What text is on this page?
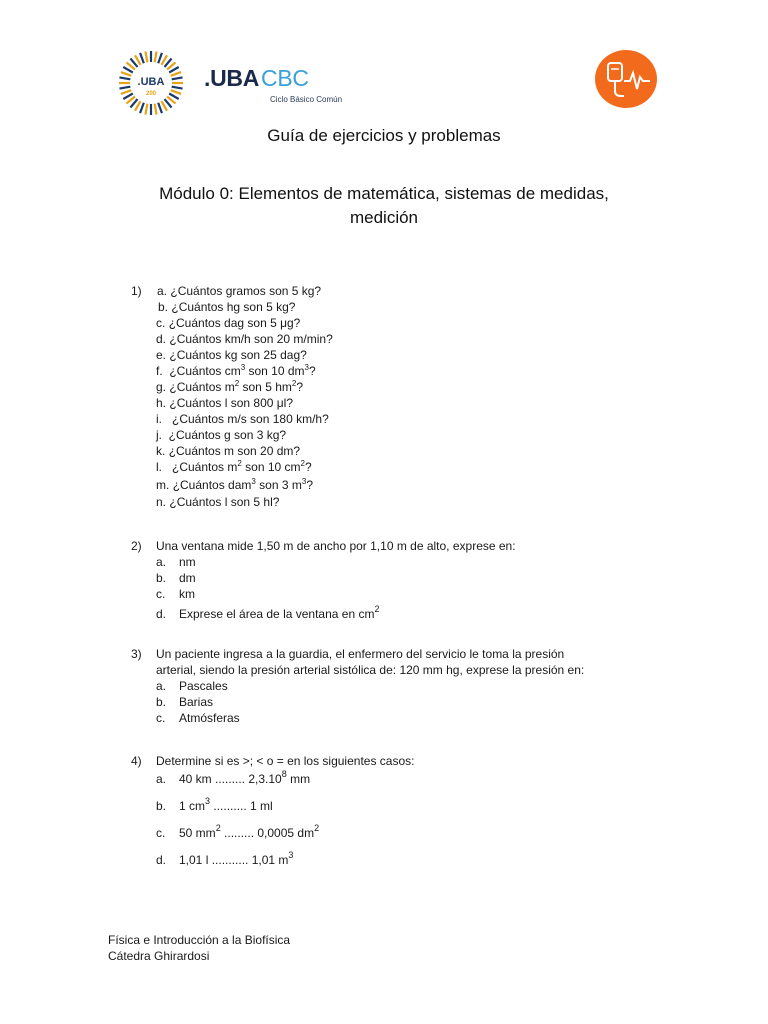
.UBA
200
.UBACBC
Ciclo Básico Común
Guía de ejercicios y problemas
Módulo 0: Elementos de matemática, sistemas de medidas,
medición
1) a. ¿Cuántos gramos son 5 kg?
b. ¿Cuántos hg son 5 kg?
c. ¿Cuántos dag son 5 μg?
d. ¿Cuántos km/h son 20 m/min?
e. ¿Cuántos kg son 25 dag?
f. ¿Cuántos $cm^3$ son 10 $dm^3$?
g. ¿Cuántos $m^2$ son 5 $hm^2$?
h. ¿Cuántos l son 800 μl?
i. ¿Cuántos m/s son 180 km/h?
j. ¿Cuántos g son 3 kg?
k. ¿Cuántos m son 20 dm?
l. ¿Cuántos $m^2$ son 10 $cm^2$?
m. ¿Cuántos dam$^3$ son 3 $m^3$?
n. ¿Cuántos l son 5 hl?
2) Una ventana mide 1,50 m de ancho por 1,10 m de alto, exprese en:
a. nm
b. dm
c. km
d. Exprese el área de la ventana en $cm^2$
3) Un paciente ingresa a la guardia, el enfermero del servicio le toma la presión
arterial, siendo la presión arterial sistólica de: 120 mm hg, exprese la presión en:
a. Pascales
b. Barias
c. Atmósferas
4) Determine si es >; < o = en los siguientes casos:
a. 40 km ......... 2,3.10$^8$ mm
b. 1 $cm^3$ .......... 1 ml
c. 50 $mm^2$ ......... 0,0005 $dm^2$
d. 1,01 l ........... 1,01 $m^3$
Física e Introducción a la Biofísica
Cátedra Ghirardosi
